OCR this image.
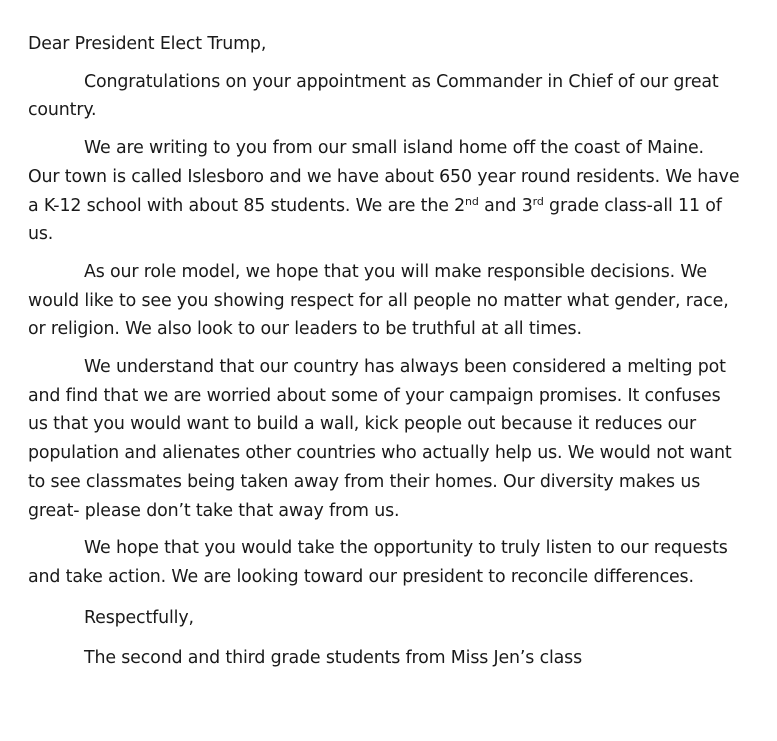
Dear President Elect Trump,

Congratulations on your appointment as Commander in Chief of our great country.

We are writing to you from our small island home off the coast of Maine. Our town is called Islesboro and we have about 650 year round residents. We have a K-12 school with about 85 students. We are the 2nd and 3rd grade class-all 11 of us.

As our role model, we hope that you will make responsible decisions. We would like to see you showing respect for all people no matter what gender, race, or religion. We also look to our leaders to be truthful at all times.

We understand that our country has always been considered a melting pot and find that we are worried about some of your campaign promises. It confuses us that you would want to build a wall, kick people out because it reduces our population and alienates other countries who actually help us. We would not want to see classmates being taken away from their homes. Our diversity makes us great- please don’t take that away from us.

We hope that you would take the opportunity to truly listen to our requests and take action. We are looking toward our president to reconcile differences.

Respectfully,

The second and third grade students from Miss Jen’s class
